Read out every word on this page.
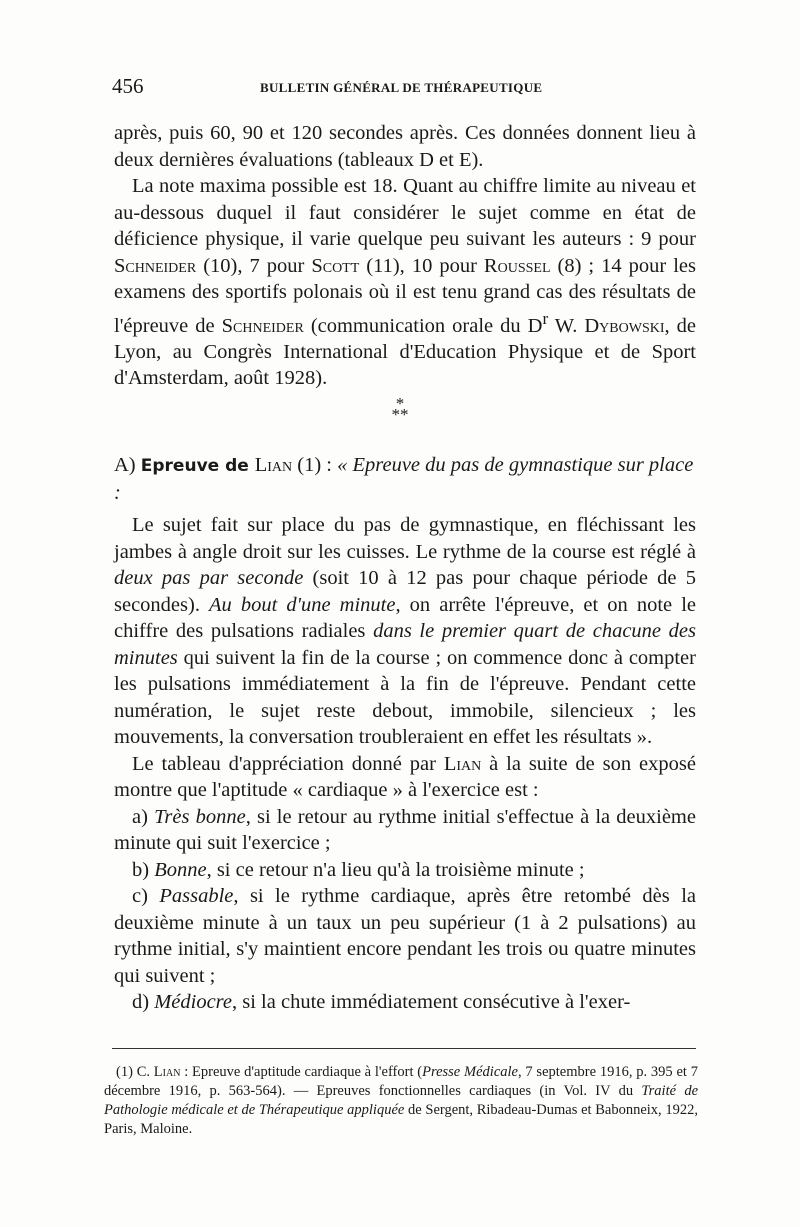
456	BULLETIN GÉNÉRAL DE THÉRAPEUTIQUE

après, puis 60, 90 et 120 secondes après. Ces données donnent lieu à deux dernières évaluations (tableaux D et E).

La note maxima possible est 18. Quant au chiffre limite au niveau et au-dessous duquel il faut considérer le sujet comme en état de déficience physique, il varie quelque peu suivant les auteurs : 9 pour Schneider (10), 7 pour Scott (11), 10 pour Roussel (8) ; 14 pour les examens des sportifs polonais où il est tenu grand cas des résultats de l'épreuve de Schneider (communication orale du $D^r$ W. Dybowski, de Lyon, au Congrès International d'Education Physique et de Sport d'Amsterdam, août 1928).

*
**
A) Epreuve de Lian (1) : « Epreuve du pas de gymnastique sur place :

Le sujet fait sur place du pas de gymnastique, en fléchissant les jambes à angle droit sur les cuisses. Le rythme de la course est réglé à deux pas par seconde (soit 10 à 12 pas pour chaque période de 5 secondes). Au bout d'une minute, on arrête l'épreuve, et on note le chiffre des pulsations radiales dans le premier quart de chacune des minutes qui suivent la fin de la course ; on commence donc à compter les pulsations immédiatement à la fin de l'épreuve. Pendant cette numération, le sujet reste debout, immobile, silencieux ; les mouvements, la conversation troubleraient en effet les résultats ».

Le tableau d'appréciation donné par Lian à la suite de son exposé montre que l'aptitude « cardiaque » à l'exercice est :

a) Très bonne, si le retour au rythme initial s'effectue à la deuxième minute qui suit l'exercice ;

b) Bonne, si ce retour n'a lieu qu'à la troisième minute ;

c) Passable, si le rythme cardiaque, après être retombé dès la deuxième minute à un taux un peu supérieur (1 à 2 pulsations) au rythme initial, s'y maintient encore pendant les trois ou quatre minutes qui suivent ;

d) Médiocre, si la chute immédiatement consécutive à l'exer-

(1) C. Lian : Epreuve d'aptitude cardiaque à l'effort (Presse Médicale, 7 septembre 1916, p. 395 et 7 décembre 1916, p. 563-564). — Epreuves fonctionnelles cardiaques (in Vol. IV du Traité de Pathologie médicale et de Thérapeutique appliquée de Sergent, Ribadeau-Dumas et Babonneix, 1922, Paris, Maloine.
